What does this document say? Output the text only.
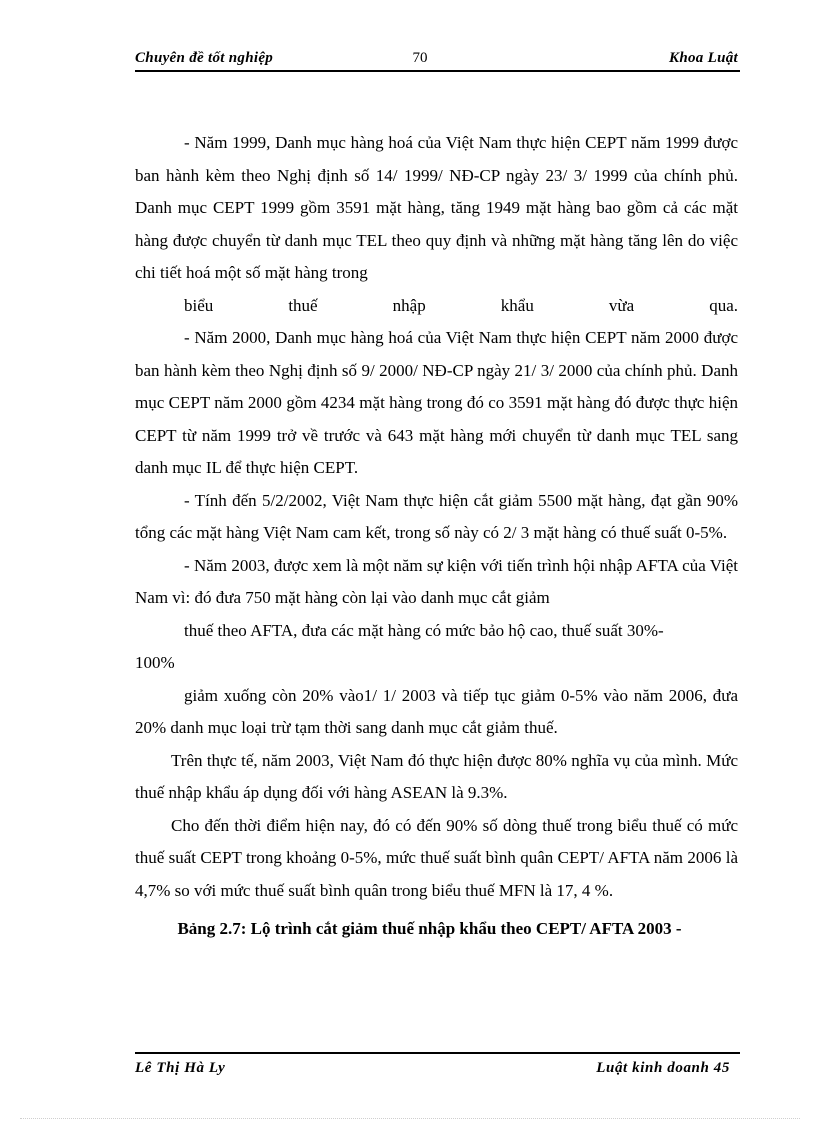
Chuyên đề tốt nghiệp	70	Khoa Luật

- Năm 1999, Danh mục hàng hoá của Việt Nam thực hiện CEPT năm 1999 được ban hành kèm theo Nghị định số 14/ 1999/ NĐ-CP ngày 23/ 3/ 1999 của chính phủ. Danh mục CEPT 1999 gồm 3591 mặt hàng, tăng 1949 mặt hàng bao gồm cả các mặt hàng được chuyển từ danh mục TEL theo quy định và những mặt hàng tăng lên do việc chi tiết hoá một số mặt hàng trong

biểu thuế nhập khẩu vừa qua.

- Năm 2000, Danh mục hàng hoá của Việt Nam thực hiện CEPT năm 2000 được ban hành kèm theo Nghị định số 9/ 2000/ NĐ-CP ngày 21/ 3/ 2000 của chính phủ. Danh mục CEPT năm 2000 gồm 4234 mặt hàng trong đó co 3591 mặt hàng đó được thực hiện CEPT từ năm 1999 trở về trước và 643 mặt hàng mới chuyển từ danh mục TEL sang danh mục IL để thực hiện CEPT.

- Tính đến 5/2/2002, Việt Nam thực hiện cắt giảm 5500 mặt hàng, đạt gần 90% tổng các mặt hàng Việt Nam cam kết, trong số này có 2/ 3 mặt hàng có thuế suất 0-5%.

- Năm 2003, được xem là một năm sự kiện với tiến trình hội nhập AFTA của Việt Nam vì: đó đưa 750 mặt hàng còn lại vào danh mục cắt giảm

thuế theo AFTA, đưa các mặt hàng có mức bảo hộ cao, thuế suất 30%-

100%

giảm xuống còn 20% vào1/ 1/ 2003 và tiếp tục giảm 0-5% vào năm 2006, đưa 20% danh mục loại trừ tạm thời sang danh mục cắt giảm thuế.

Trên thực tế, năm 2003, Việt Nam đó thực hiện được 80% nghĩa vụ của mình. Mức thuế nhập khẩu áp dụng đối với hàng ASEAN là 9.3%.

Cho đến thời điểm hiện nay, đó có đến 90% số dòng thuế trong biểu thuế có mức thuế suất CEPT trong khoảng 0-5%, mức thuế suất bình quân CEPT/ AFTA năm 2006 là 4,7% so với mức thuế suất bình quân trong biểu thuế MFN là 17, 4 %.

Bảng 2.7: Lộ trình cắt giảm thuế nhập khẩu theo CEPT/ AFTA 2003 -

Lê Thị Hà Ly	Luật kinh doanh 45
